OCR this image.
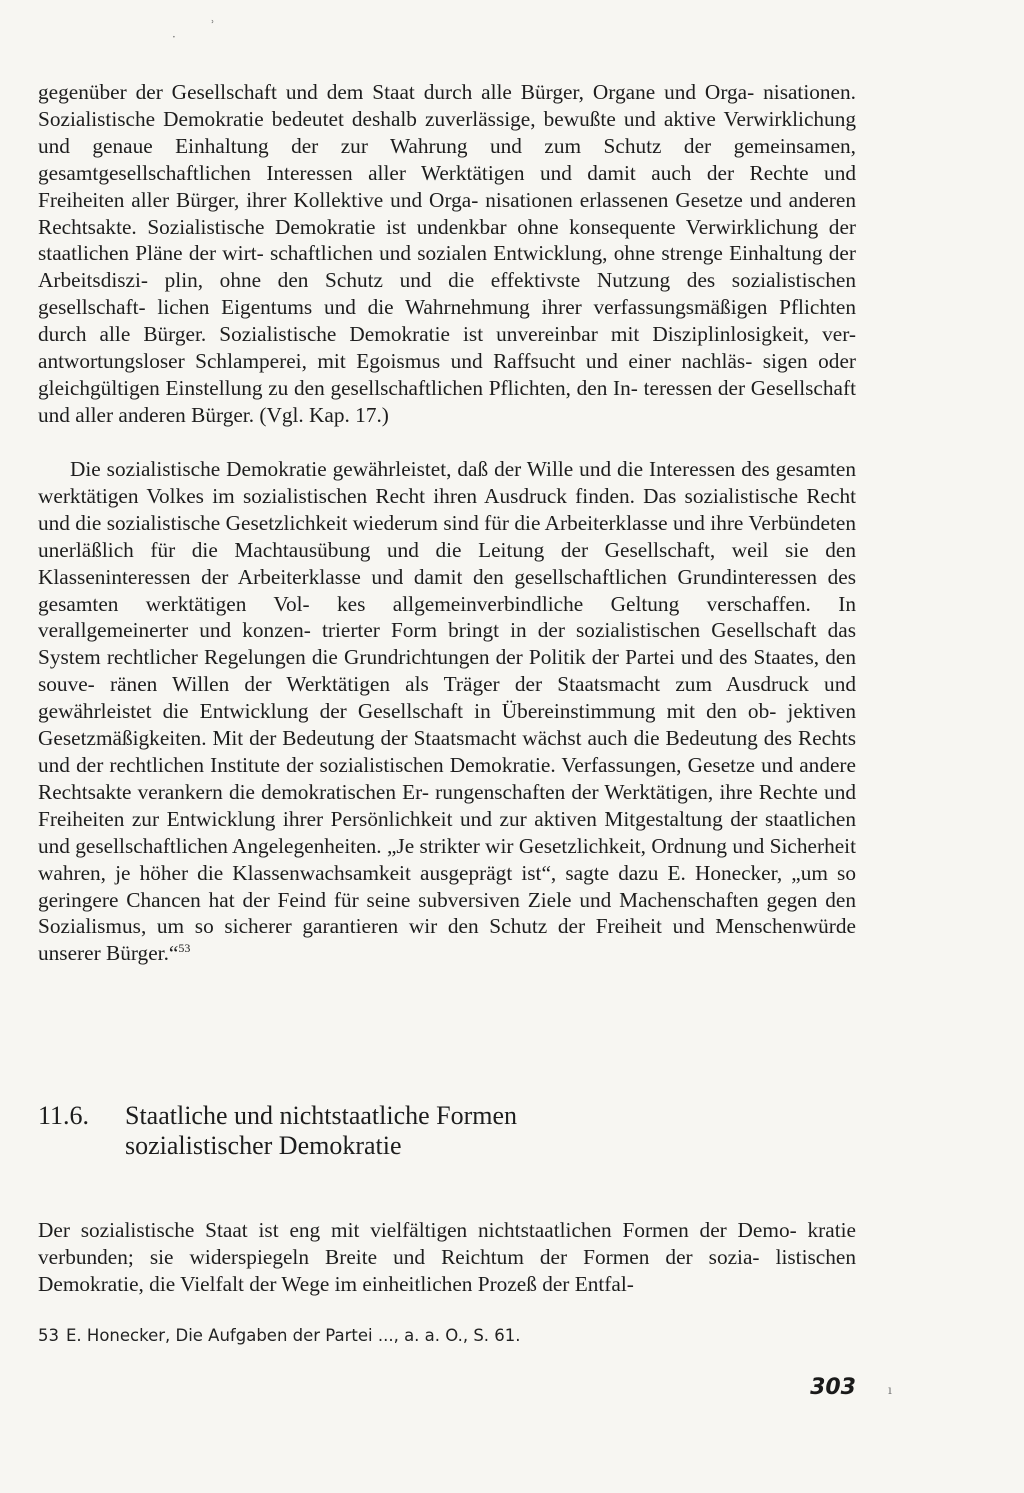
·
ʾ
ı
gegenüber der Gesellschaft und dem Staat durch alle Bürger, Organe und Orga- nisationen. Sozialistische Demokratie bedeutet deshalb zuverlässige, bewußte und aktive Verwirklichung und genaue Einhaltung der zur Wahrung und zum Schutz der gemeinsamen, gesamtgesellschaftlichen Interessen aller Werktätigen und damit auch der Rechte und Freiheiten aller Bürger, ihrer Kollektive und Orga- nisationen erlassenen Gesetze und anderen Rechtsakte. Sozialistische Demokratie ist undenkbar ohne konsequente Verwirklichung der staatlichen Pläne der wirt- schaftlichen und sozialen Entwicklung, ohne strenge Einhaltung der Arbeitsdiszi- plin, ohne den Schutz und die effektivste Nutzung des sozialistischen gesellschaft- lichen Eigentums und die Wahrnehmung ihrer verfassungsmäßigen Pflichten durch alle Bürger. Sozialistische Demokratie ist unvereinbar mit Disziplinlosigkeit, ver- antwortungsloser Schlamperei, mit Egoismus und Raffsucht und einer nachläs- sigen oder gleichgültigen Einstellung zu den gesellschaftlichen Pflichten, den In- teressen der Gesellschaft und aller anderen Bürger. (Vgl. Kap. 17.)
Die sozialistische Demokratie gewährleistet, daß der Wille und die Interessen des gesamten werktätigen Volkes im sozialistischen Recht ihren Ausdruck finden. Das sozialistische Recht und die sozialistische Gesetzlichkeit wiederum sind für die Arbeiterklasse und ihre Verbündeten unerläßlich für die Machtausübung und die Leitung der Gesellschaft, weil sie den Klasseninteressen der Arbeiterklasse und damit den gesellschaftlichen Grundinteressen des gesamten werktätigen Vol- kes allgemeinverbindliche Geltung verschaffen. In verallgemeinerter und konzen- trierter Form bringt in der sozialistischen Gesellschaft das System rechtlicher Regelungen die Grundrichtungen der Politik der Partei und des Staates, den souve- ränen Willen der Werktätigen als Träger der Staatsmacht zum Ausdruck und gewährleistet die Entwicklung der Gesellschaft in Übereinstimmung mit den ob- jektiven Gesetzmäßigkeiten. Mit der Bedeutung der Staatsmacht wächst auch die Bedeutung des Rechts und der rechtlichen Institute der sozialistischen Demokratie. Verfassungen, Gesetze und andere Rechtsakte verankern die demokratischen Er- rungenschaften der Werktätigen, ihre Rechte und Freiheiten zur Entwicklung ihrer Persönlichkeit und zur aktiven Mitgestaltung der staatlichen und gesellschaftlichen Angelegenheiten. „Je strikter wir Gesetzlichkeit, Ordnung und Sicherheit wahren, je höher die Klassenwachsamkeit ausgeprägt ist“, sagte dazu E. Honecker, „um so geringere Chancen hat der Feind für seine subversiven Ziele und Machenschaften gegen den Sozialismus, um so sicherer garantieren wir den Schutz der Freiheit und Menschenwürde unserer Bürger.“$^{53}$
11.6.	Staatliche und nichtstaatliche Formen
sozialistischer Demokratie
Der sozialistische Staat ist eng mit vielfältigen nichtstaatlichen Formen der Demo- kratie verbunden; sie widerspiegeln Breite und Reichtum der Formen der sozia- listischen Demokratie, die Vielfalt der Wege im einheitlichen Prozeß der Entfal-

53 E. Honecker, Die Aufgaben der Partei ..., a. a. O., S. 61.

303
